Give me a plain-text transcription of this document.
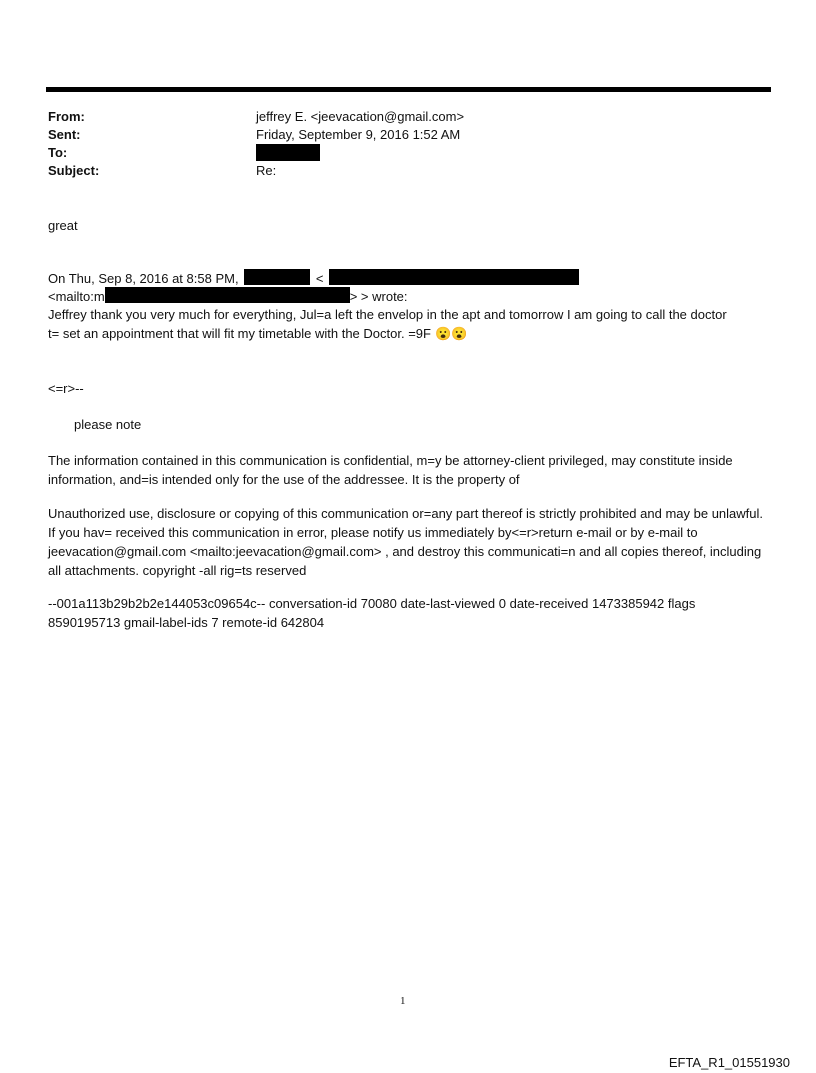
From:	jeffrey E. <jeevacation@gmail.com>
Sent:	Friday, September 9, 2016 1:52 AM
To:
Subject:	Re:
great
On Thu, Sep 8, 2016 at 8:58 PM,	<
<mailto:m	> > wrote:
Jeffrey thank you very much for everything, Jul=a left the envelop in the apt and tomorrow I am going to call the doctor
t= set an appointment that will fit my timetable with the Doctor. =9F 😮😮
<=r>--
please note
The information contained in this communication is confidential, m=y be attorney-client privileged, may constitute inside information, and=is intended only for the use of the addressee. It is the property of
Unauthorized use, disclosure or copying of this communication or=any part thereof is strictly prohibited and may be unlawful. If you hav= received this communication in error, please notify us immediately by<=r>return e-mail or by e-mail to jeevacation@gmail.com <mailto:jeevacation@gmail.com> , and destroy this communicati=n and all copies thereof, including all attachments. copyright -all rig=ts reserved
--001a113b29b2b2e144053c09654c-- conversation-id 70080 date-last-viewed 0 date-received 1473385942 flags 8590195713 gmail-label-ids 7 remote-id 642804
1
EFTA_R1_01551930
